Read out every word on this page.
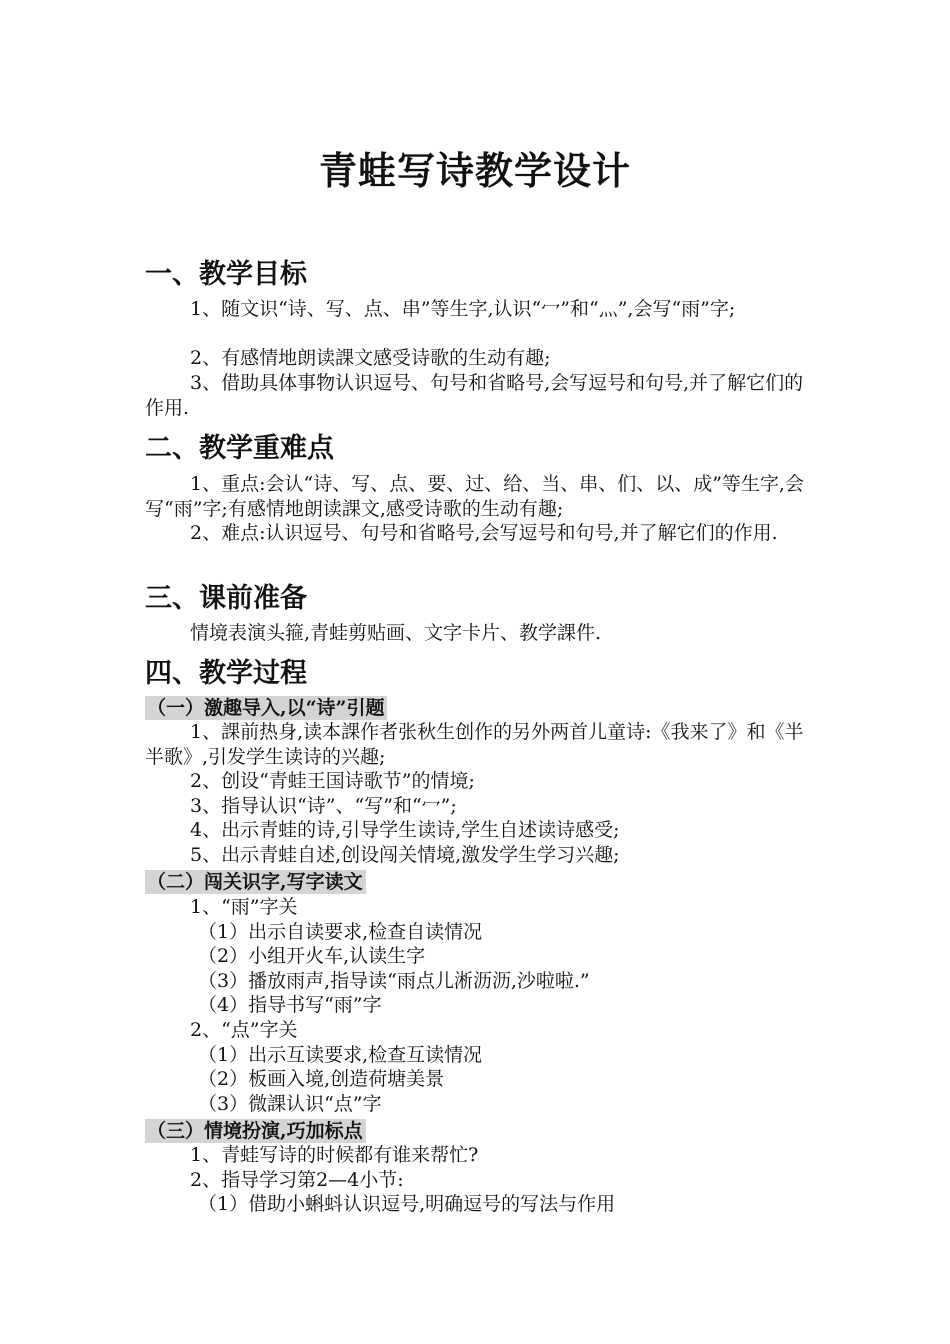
青蛙写诗教学设计
一、教学目标
1、随文识“诗、写、点、串”等生字,认识“冖”和“灬”,会写“雨”字;
2、有感情地朗读課文感受诗歌的生动有趣;
3、借助具体事物认识逗号、句号和省略号,会写逗号和句号,并了解它们的作用.
二、教学重难点
1、重点:会认“诗、写、点、要、过、给、当、串、们、以、成”等生字,会写“雨”字;有感情地朗读課文,感受诗歌的生动有趣;
2、难点:认识逗号、句号和省略号,会写逗号和句号,并了解它们的作用.
三、课前准备
情境表演头箍,青蛙剪贴画、文字卡片、教学課件.
四、教学过程
（一）激趣导入,以“诗”引题
1、課前热身,读本課作者张秋生创作的另外两首儿童诗:《我来了》和《半半歌》,引发学生读诗的兴趣;
2、创设“青蛙王国诗歌节”的情境;
3、指导认识“诗”、“写”和“冖”;
4、出示青蛙的诗,引导学生读诗,学生自述读诗感受;
5、出示青蛙自述,创设闯关情境,激发学生学习兴趣;
（二）闯关识字,写字读文
1、“雨”字关
（1）出示自读要求,检查自读情况
（2）小组开火车,认读生字
（3）播放雨声,指导读“雨点儿淅沥沥,沙啦啦.”
（4）指导书写“雨”字
2、“点”字关
（1）出示互读要求,检查互读情况
（2）板画入境,创造荷塘美景
（3）微課认识“点”字
（三）情境扮演,巧加标点
1、青蛙写诗的时候都有谁来帮忙?
2、指导学习第2—4小节:
（1）借助小蝌蚪认识逗号,明确逗号的写法与作用
